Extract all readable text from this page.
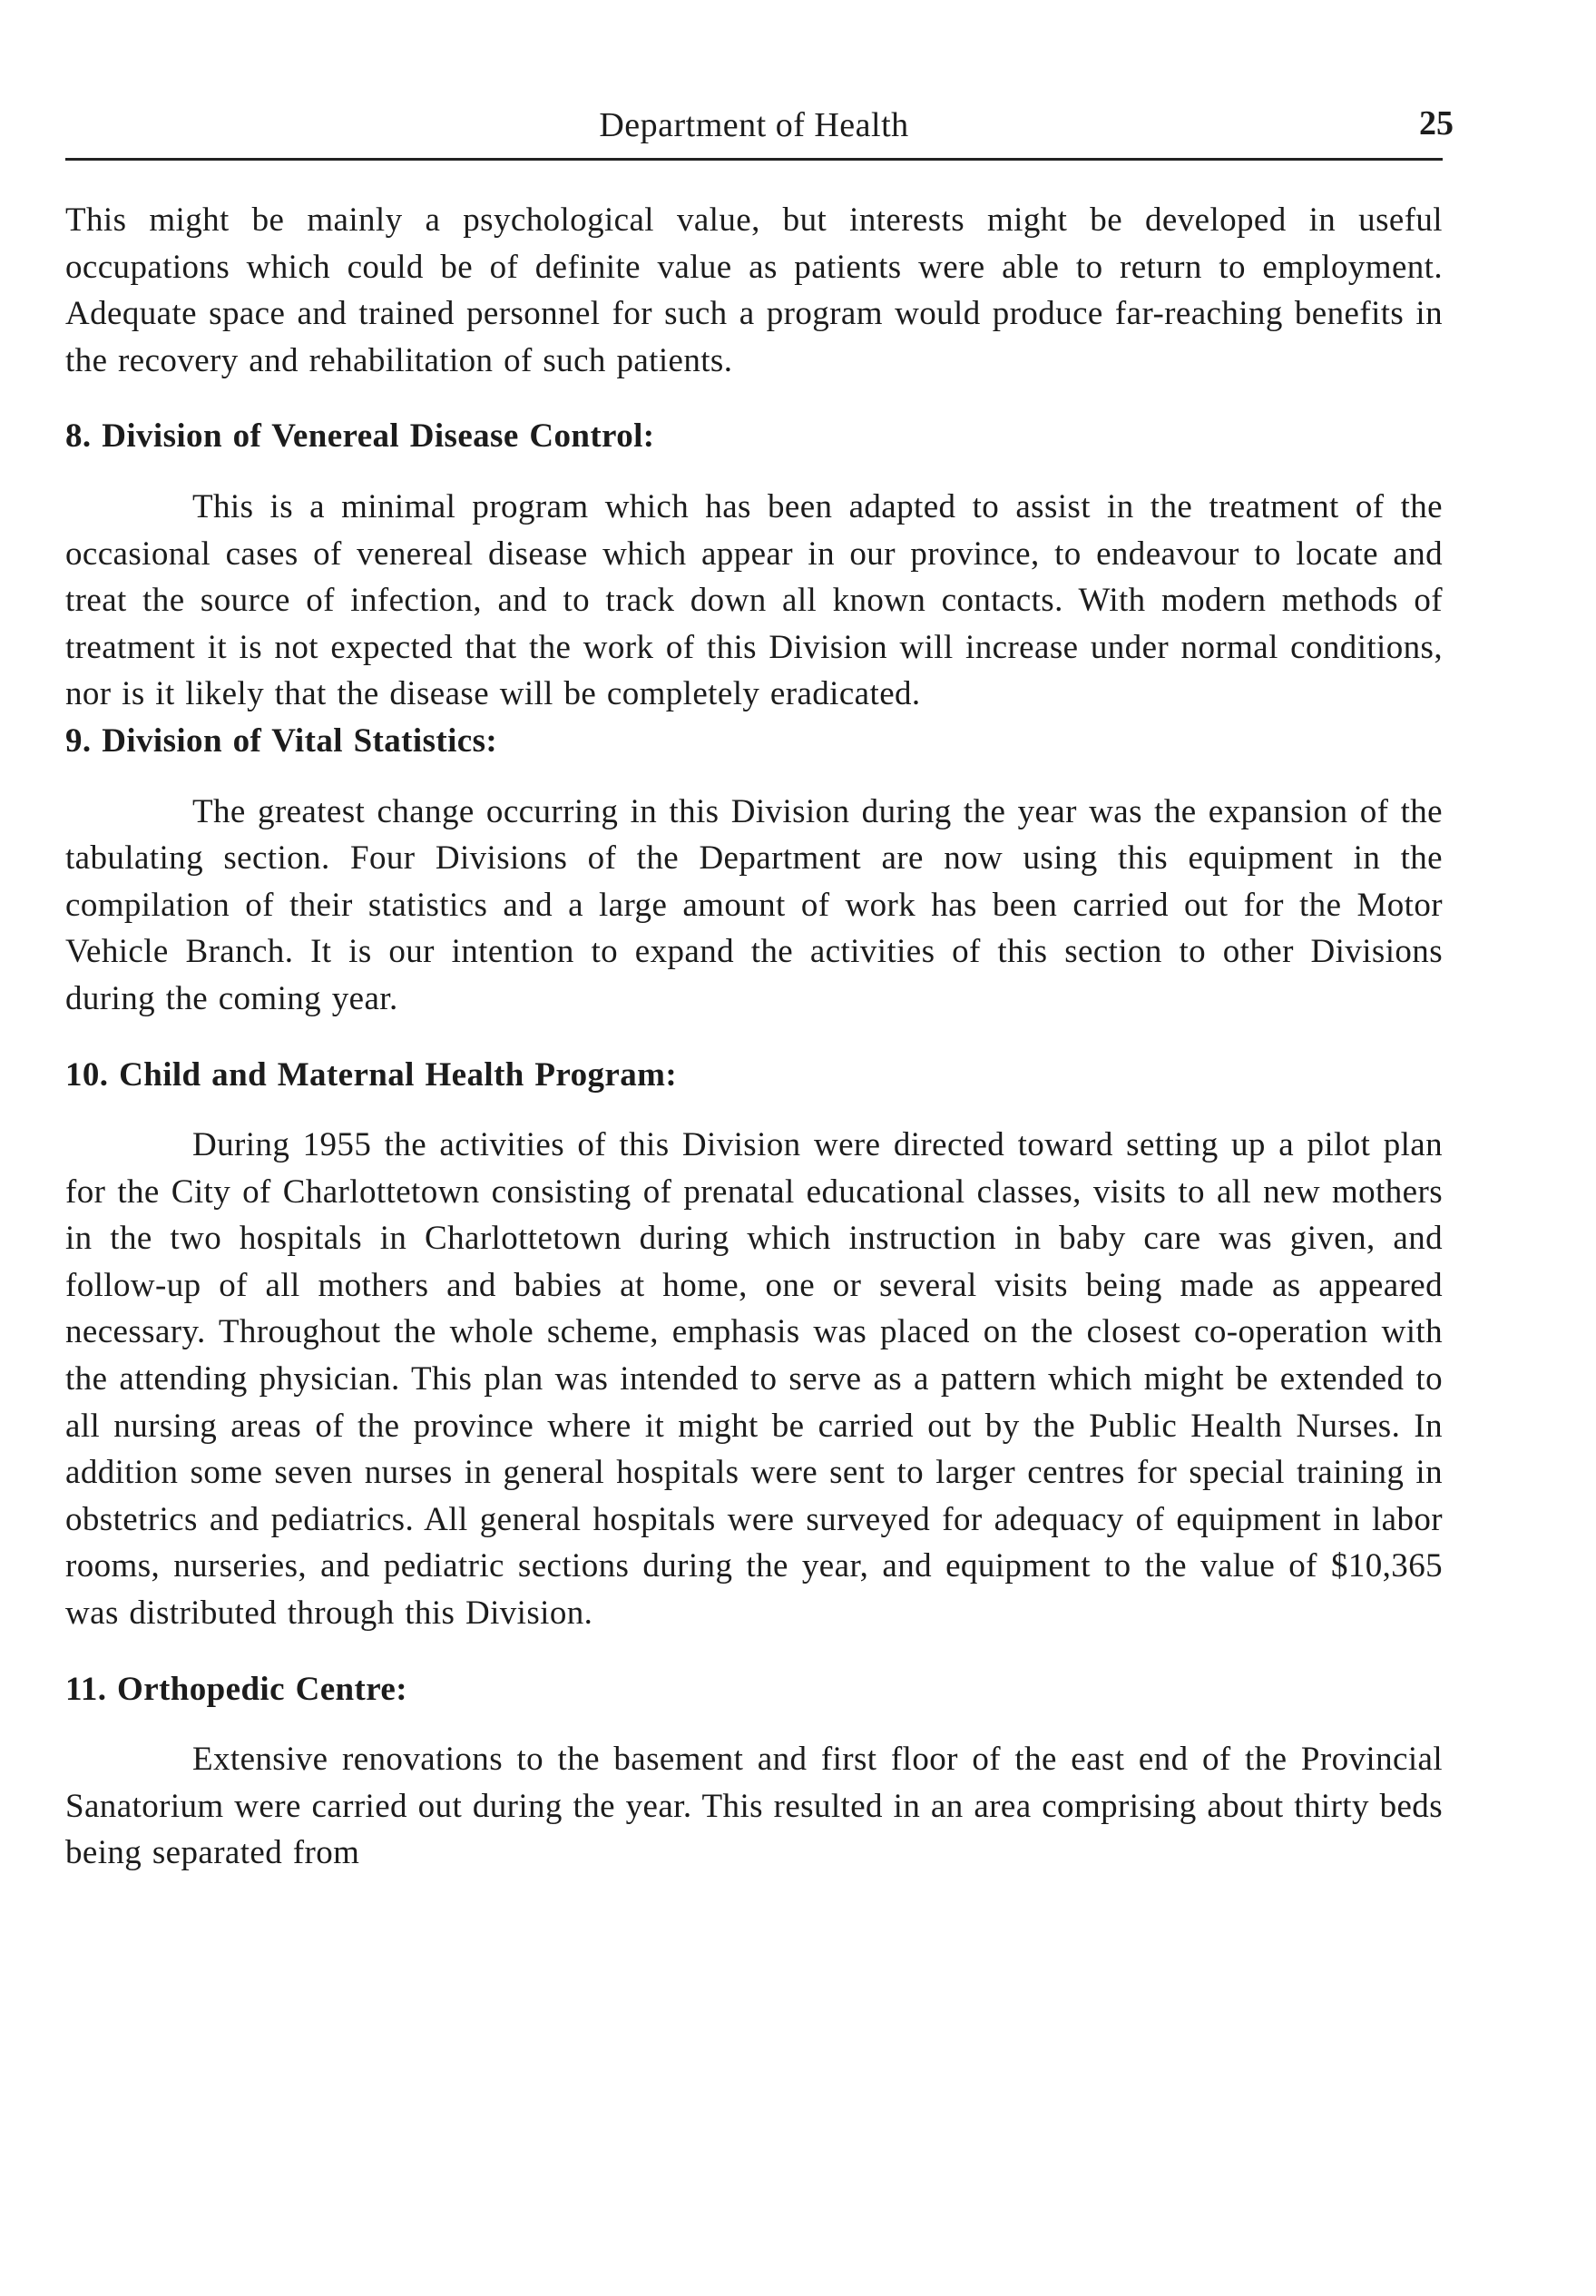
Department of Health	25

This might be mainly a psychological value, but interests might be developed in useful occupations which could be of definite value as patients were able to return to employment. Adequate space and trained personnel for such a program would produce far-reaching benefits in the recovery and rehabilitation of such patients.

8. Division of Venereal Disease Control:

This is a minimal program which has been adapted to assist in the treatment of the occasional cases of venereal disease which appear in our province, to endeavour to locate and treat the source of infection, and to track down all known contacts. With modern methods of treatment it is not expected that the work of this Division will increase under normal conditions, nor is it likely that the disease will be completely eradicated.

9. Division of Vital Statistics:

The greatest change occurring in this Division during the year was the expansion of the tabulating section. Four Divisions of the Department are now using this equipment in the compilation of their statistics and a large amount of work has been carried out for the Motor Vehicle Branch. It is our intention to expand the activities of this section to other Divisions during the coming year.

10. Child and Maternal Health Program:

During 1955 the activities of this Division were directed toward setting up a pilot plan for the City of Charlottetown consisting of prenatal educational classes, visits to all new mothers in the two hospitals in Charlottetown during which instruction in baby care was given, and follow-up of all mothers and babies at home, one or several visits being made as appeared necessary. Throughout the whole scheme, emphasis was placed on the closest co-operation with the attending physician. This plan was intended to serve as a pattern which might be extended to all nursing areas of the province where it might be carried out by the Public Health Nurses. In addition some seven nurses in general hospitals were sent to larger centres for special training in obstetrics and pediatrics. All general hospitals were surveyed for adequacy of equipment in labor rooms, nurseries, and pediatric sections during the year, and equipment to the value of $10,365 was distributed through this Division.

11. Orthopedic Centre:

Extensive renovations to the basement and first floor of the east end of the Provincial Sanatorium were carried out during the year. This resulted in an area comprising about thirty beds being separated from
